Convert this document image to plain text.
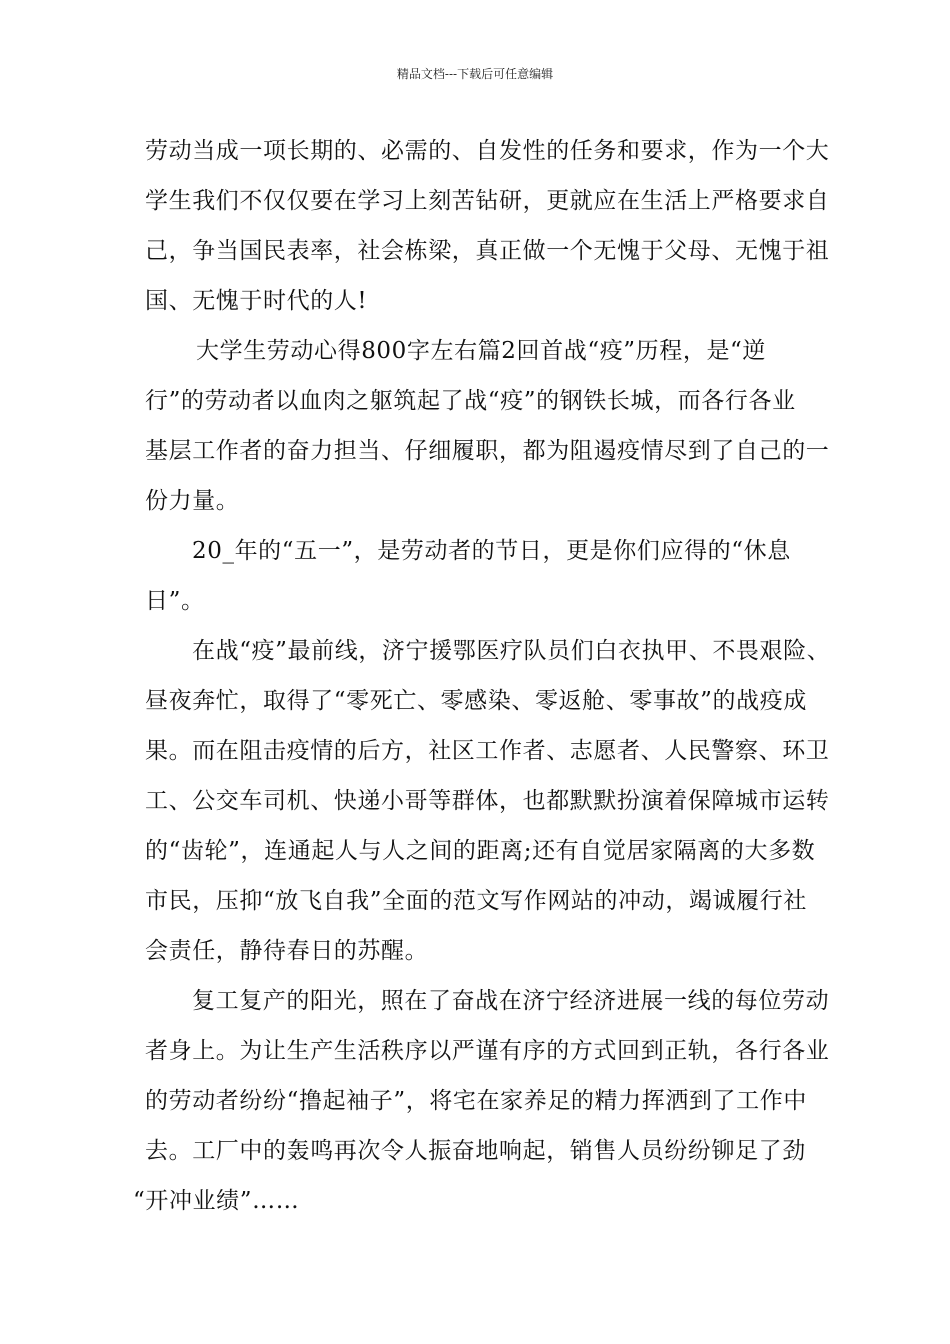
精品文档---下载后可任意编辑
劳动当成一项长期的、必需的、自发性的任务和要求，作为一个大
学生我们不仅仅要在学习上刻苦钻研，更就应在生活上严格要求自
己，争当国民表率，社会栋梁，真正做一个无愧于父母、无愧于祖
国、无愧于时代的人!
大学生劳动心得800字左右篇2回首战“疫”历程，是“逆
行”的劳动者以血肉之躯筑起了战“疫”的钢铁长城，而各行各业
基层工作者的奋力担当、仔细履职，都为阻遏疫情尽到了自己的一
份力量。
20_年的“五一”，是劳动者的节日，更是你们应得的“休息
日”。
在战“疫”最前线，济宁援鄂医疗队员们白衣执甲、不畏艰险、
昼夜奔忙，取得了“零死亡、零感染、零返舱、零事故”的战疫成
果。而在阻击疫情的后方，社区工作者、志愿者、人民警察、环卫
工、公交车司机、快递小哥等群体，也都默默扮演着保障城市运转
的“齿轮”，连通起人与人之间的距离;还有自觉居家隔离的大多数
市民，压抑“放飞自我”全面的范文写作网站的冲动，竭诚履行社
会责任，静待春日的苏醒。
复工复产的阳光，照在了奋战在济宁经济进展一线的每位劳动
者身上。为让生产生活秩序以严谨有序的方式回到正轨，各行各业
的劳动者纷纷“撸起袖子”，将宅在家养足的精力挥洒到了工作中
去。工厂中的轰鸣再次令人振奋地响起，销售人员纷纷铆足了劲
“开冲业绩”……
